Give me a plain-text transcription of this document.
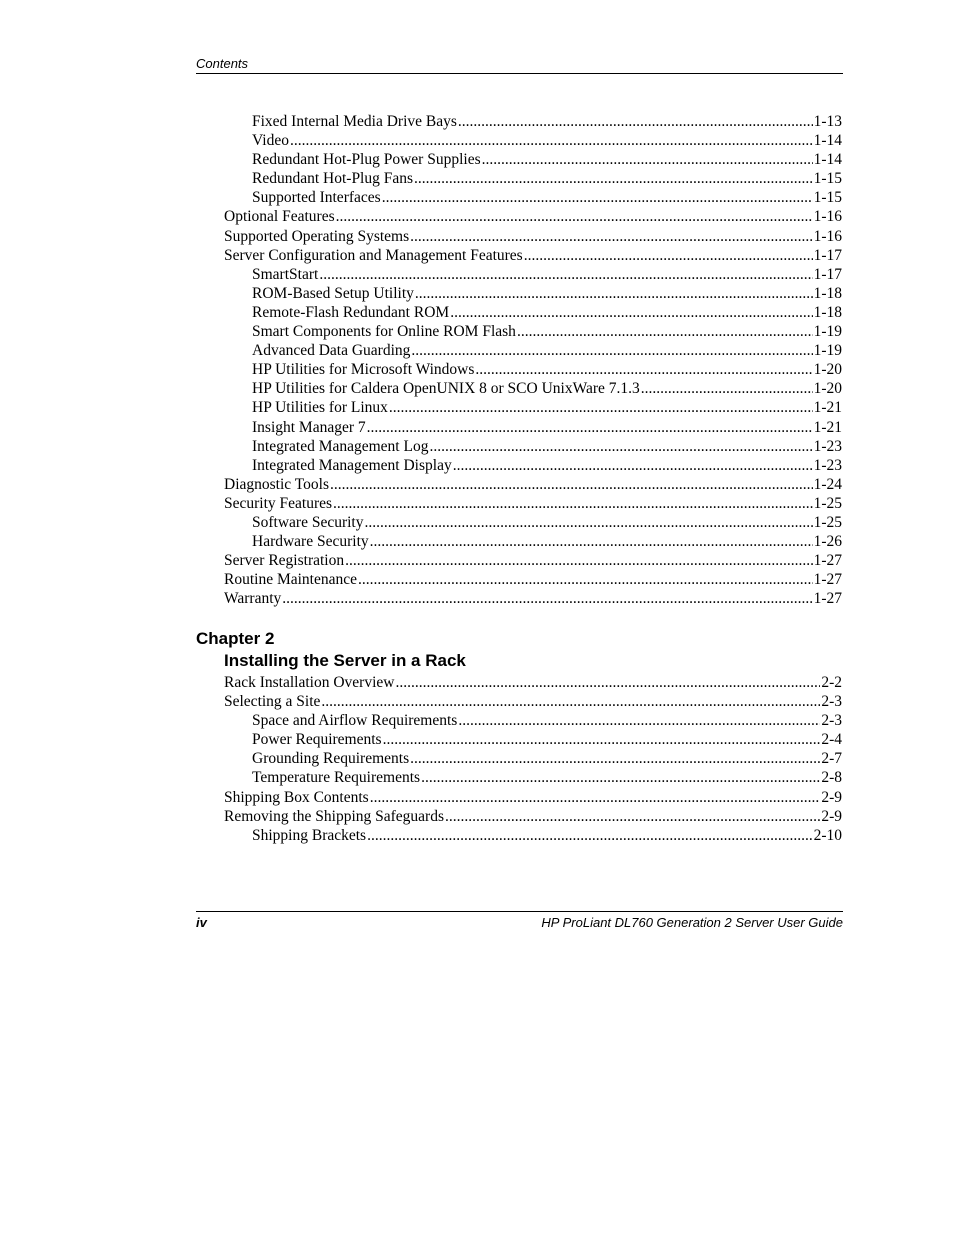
Contents
Fixed Internal Media Drive Bays .....	1-13
Video .....	1-14
Redundant Hot-Plug Power Supplies .....	1-14
Redundant Hot-Plug Fans .....	1-15
Supported Interfaces .....	1-15
Optional Features .....	1-16
Supported Operating Systems .....	1-16
Server Configuration and Management Features .....	1-17
SmartStart .....	1-17
ROM-Based Setup Utility .....	1-18
Remote-Flash Redundant ROM .....	1-18
Smart Components for Online ROM Flash .....	1-19
Advanced Data Guarding .....	1-19
HP Utilities for Microsoft Windows .....	1-20
HP Utilities for Caldera OpenUNIX 8 or SCO UnixWare 7.1.3 .....	1-20
HP Utilities for Linux .....	1-21
Insight Manager 7 .....	1-21
Integrated Management Log .....	1-23
Integrated Management Display .....	1-23
Diagnostic Tools .....	1-24
Security Features .....	1-25
Software Security .....	1-25
Hardware Security .....	1-26
Server Registration .....	1-27
Routine Maintenance .....	1-27
Warranty .....	1-27
Chapter 2
Installing the Server in a Rack
Rack Installation Overview .....	2-2
Selecting a Site .....	2-3
Space and Airflow Requirements .....	2-3
Power Requirements .....	2-4
Grounding Requirements .....	2-7
Temperature Requirements .....	2-8
Shipping Box Contents .....	2-9
Removing the Shipping Safeguards .....	2-9
Shipping Brackets .....	2-10
iv	HP ProLiant DL760 Generation 2 Server User Guide
